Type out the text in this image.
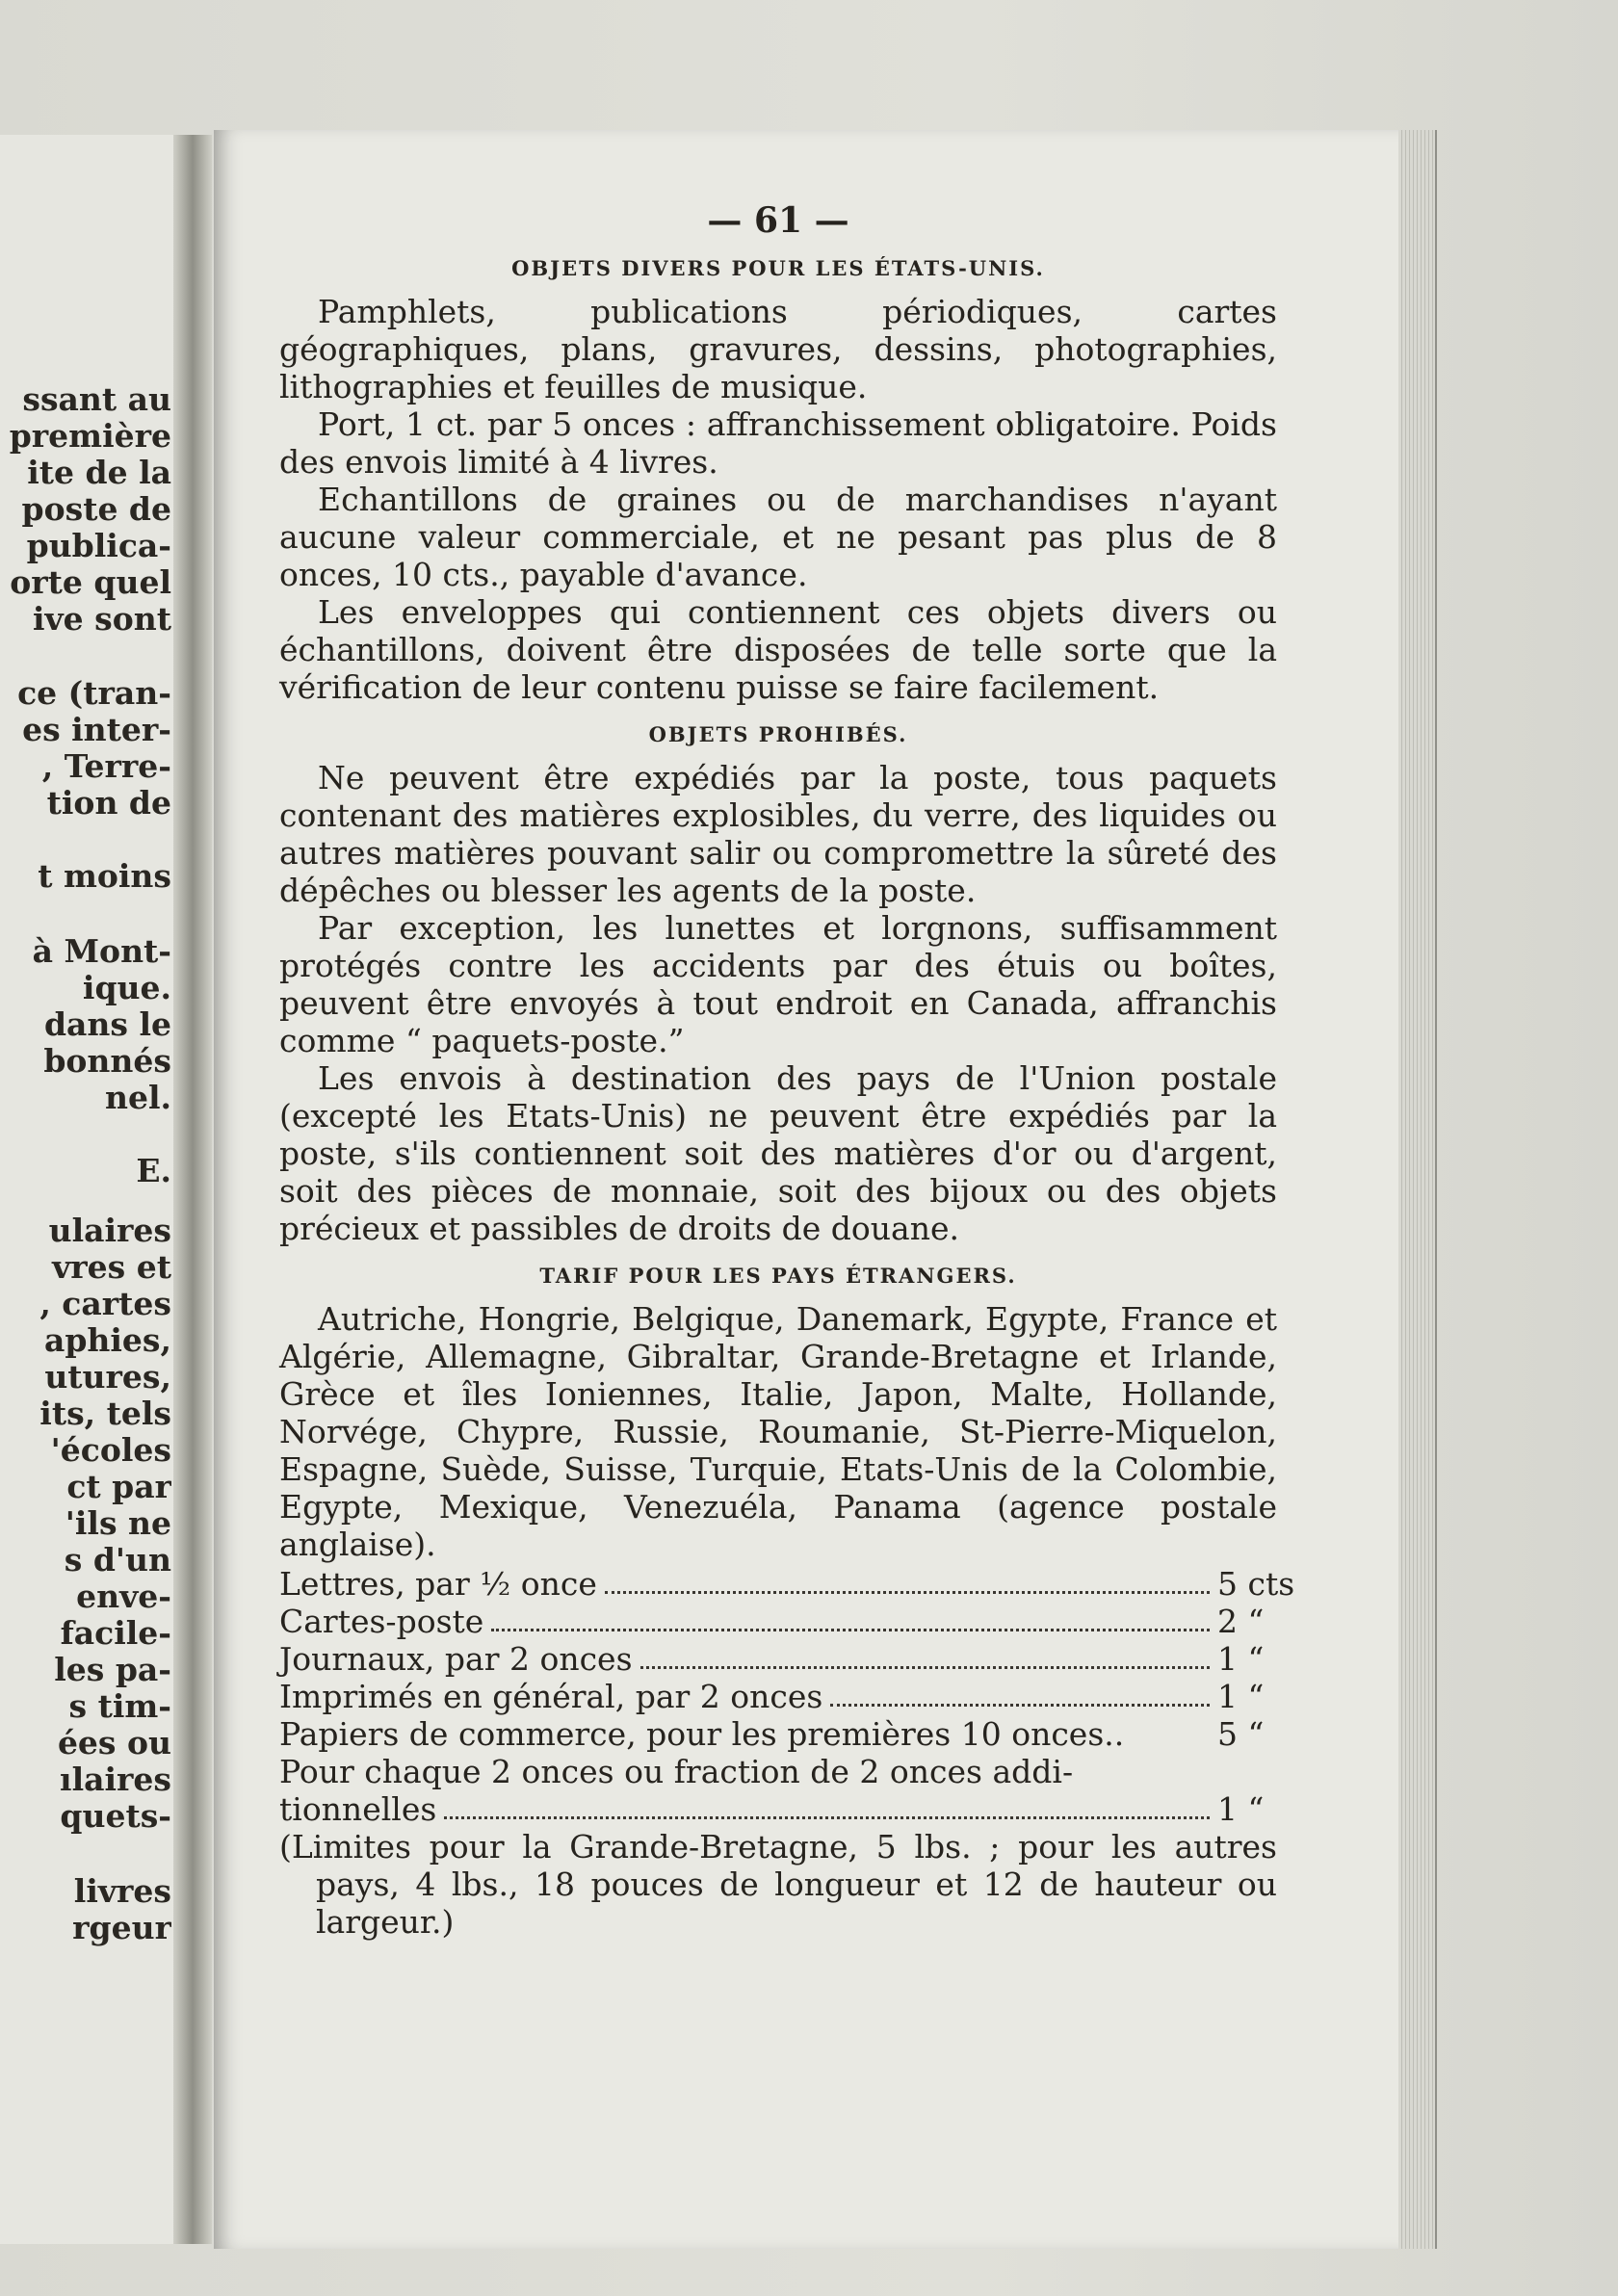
ssant au
première
ite de la
poste de
publica-
orte quel
ive sont
ce (tran-
es inter-
, Terre-
tion de
t moins
à Mont-
ique.
dans le
bonnés
nel.
E.
ulaires
vres et
, cartes
aphies,
utures,
its, tels
'écoles
ct par
'ils ne
s d'un
enve-
facile-
les pa-
s tim-
ées ou
ılaires
quets-
livres
rgeur
— 61 —
OBJETS DIVERS POUR LES ÉTATS-UNIS.

Pamphlets, publications périodiques, cartes géographiques, plans, gravures, dessins, photographies, lithographies et feuilles de musique.

Port, 1 ct. par 5 onces : affranchissement obligatoire. Poids des envois limité à 4 livres.

Echantillons de graines ou de marchandises n'ayant aucune valeur commerciale, et ne pesant pas plus de 8 onces, 10 cts., payable d'avance.

Les enveloppes qui contiennent ces objets divers ou échantillons, doivent être disposées de telle sorte que la vérification de leur contenu puisse se faire facilement.

OBJETS PROHIBÉS.

Ne peuvent être expédiés par la poste, tous paquets contenant des matières explosibles, du verre, des liquides ou autres matières pouvant salir ou compromettre la sûreté des dépêches ou blesser les agents de la poste.

Par exception, les lunettes et lorgnons, suffisamment protégés contre les accidents par des étuis ou boîtes, peuvent être envoyés à tout endroit en Canada, affranchis comme “ paquets-poste.”

Les envois à destination des pays de l'Union postale (excepté les Etats-Unis) ne peuvent être expédiés par la poste, s'ils contiennent soit des matières d'or ou d'argent, soit des pièces de monnaie, soit des bijoux ou des objets précieux et passibles de droits de douane.

TARIF POUR LES PAYS ÉTRANGERS.

Autriche, Hongrie, Belgique, Danemark, Egypte, France et Algérie, Allemagne, Gibraltar, Grande-Bretagne et Irlande, Grèce et îles Ioniennes, Italie, Japon, Malte, Hollande, Norvége, Chypre, Russie, Roumanie, St-Pierre-Miquelon, Espagne, Suède, Suisse, Turquie, Etats-Unis de la Colombie, Egypte, Mexique, Venezuéla, Panama (agence postale anglaise).

Lettres, par ½ once	5 cts
Cartes-poste	2 “
Journaux, par 2 onces	1 “
Imprimés en général, par 2 onces	1 “
Papiers de commerce, pour les premières 10 onces..	5 “
Pour chaque 2 onces ou fraction de 2 onces addi-
tionnelles	1 “

(Limites pour la Grande-Bretagne, 5 lbs. ; pour les autres pays, 4 lbs., 18 pouces de longueur et 12 de hauteur ou largeur.)
